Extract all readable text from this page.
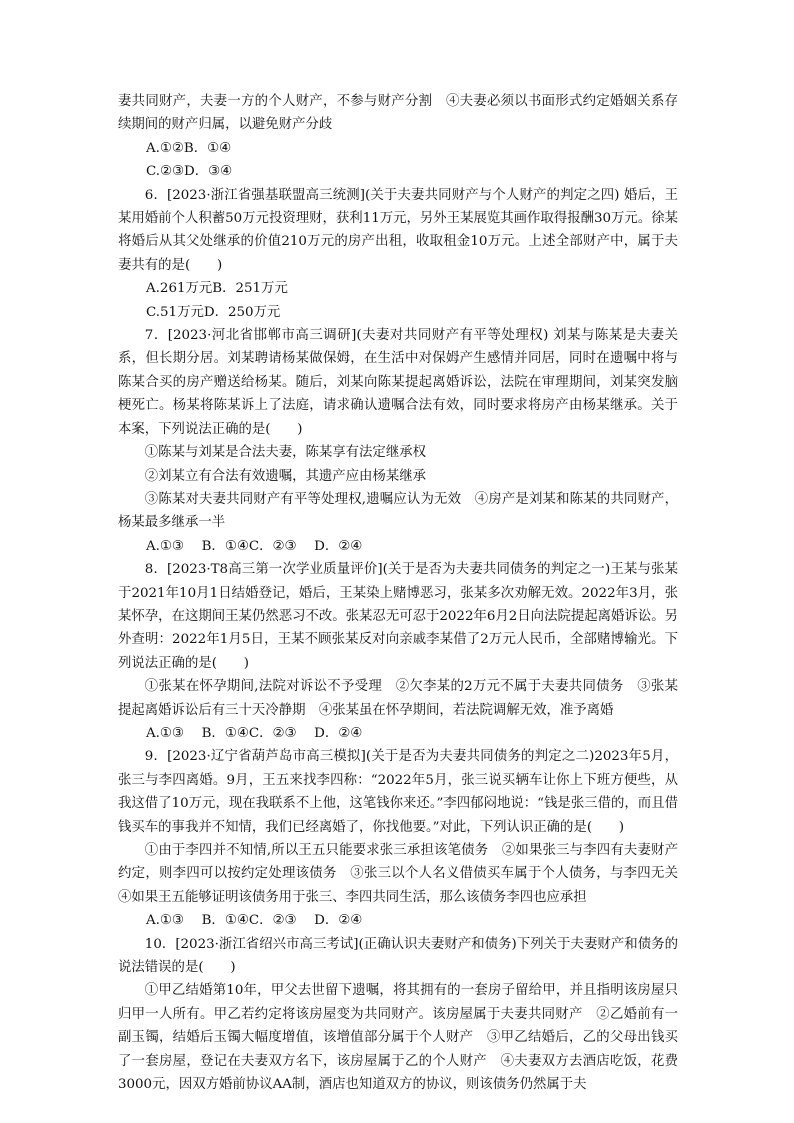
妻共同财产，夫妻一方的个人财产，不参与财产分割　④夫妻必须以书面形式约定婚姻关系存续期间的财产归属，以避免财产分歧

A.①②B．①④

C.②③D．③④

6．[2023·浙江省强基联盟高三统测](关于夫妻共同财产与个人财产的判定之四) 婚后，王某用婚前个人积蓄50万元投资理财，获利11万元，另外王某展览其画作取得报酬30万元。徐某将婚后从其父处继承的价值210万元的房产出租，收取租金10万元。上述全部财产中，属于夫妻共有的是(　　)

A.261万元B．251万元

C.51万元D．250万元

7．[2023·河北省邯郸市高三调研](夫妻对共同财产有平等处理权) 刘某与陈某是夫妻关系，但长期分居。刘某聘请杨某做保姆，在生活中对保姆产生感情并同居，同时在遗嘱中将与陈某合买的房产赠送给杨某。随后，刘某向陈某提起离婚诉讼，法院在审理期间，刘某突发脑梗死亡。杨某将陈某诉上了法庭，请求确认遗嘱合法有效，同时要求将房产由杨某继承。关于本案，下列说法正确的是(　　)

①陈某与刘某是合法夫妻，陈某享有法定继承权

②刘某立有合法有效遗嘱，其遗产应由杨某继承

③陈某对夫妻共同财产有平等处理权,遗嘱应认为无效　④房产是刘某和陈某的共同财产，杨某最多继承一半

A.①③　 B．①④C．②③　 D．②④

8．[2023·T8高三第一次学业质量评价](关于是否为夫妻共同债务的判定之一)王某与张某于2021年10月1日结婚登记，婚后，王某染上赌博恶习，张某多次劝解无效。2022年3月，张某怀孕，在这期间王某仍然恶习不改。张某忍无可忍于2022年6月2日向法院提起离婚诉讼。另外查明：2022年1月5日，王某不顾张某反对向亲戚李某借了2万元人民币，全部赌博输光。下列说法正确的是(　　)

①张某在怀孕期间,法院对诉讼不予受理　②欠李某的2万元不属于夫妻共同债务　③张某提起离婚诉讼后有三十天冷静期　④张某虽在怀孕期间，若法院调解无效，准予离婚

A.①③　 B．①④C．②③　 D．②④

9．[2023·辽宁省葫芦岛市高三模拟](关于是否为夫妻共同债务的判定之二)2023年5月，张三与李四离婚。9月，王五来找李四称：“2022年5月，张三说买辆车让你上下班方便些，从我这借了10万元，现在我联系不上他，这笔钱你来还。”李四郁闷地说：“钱是张三借的，而且借钱买车的事我并不知情，我们已经离婚了，你找他要。”对此，下列认识正确的是(　　)

①由于李四并不知情,所以王五只能要求张三承担该笔债务　②如果张三与李四有夫妻财产约定，则李四可以按约定处理该债务　③张三以个人名义借债买车属于个人债务，与李四无关　④如果王五能够证明该债务用于张三、李四共同生活，那么该债务李四也应承担

A.①③　 B．①④C．②③　 D．②④

10．[2023·浙江省绍兴市高三考试](正确认识夫妻财产和债务)下列关于夫妻财产和债务的说法错误的是(　　)

①甲乙结婚第10年，甲父去世留下遗嘱，将其拥有的一套房子留给甲，并且指明该房屋只归甲一人所有。甲乙若约定将该房屋变为共同财产。该房屋属于夫妻共同财产　②乙婚前有一副玉镯，结婚后玉镯大幅度增值，该增值部分属于个人财产　③甲乙结婚后，乙的父母出钱买了一套房屋，登记在夫妻双方名下，该房屋属于乙的个人财产　④夫妻双方去酒店吃饭，花费3000元，因双方婚前协议AA制，酒店也知道双方的协议，则该债务仍然属于夫
